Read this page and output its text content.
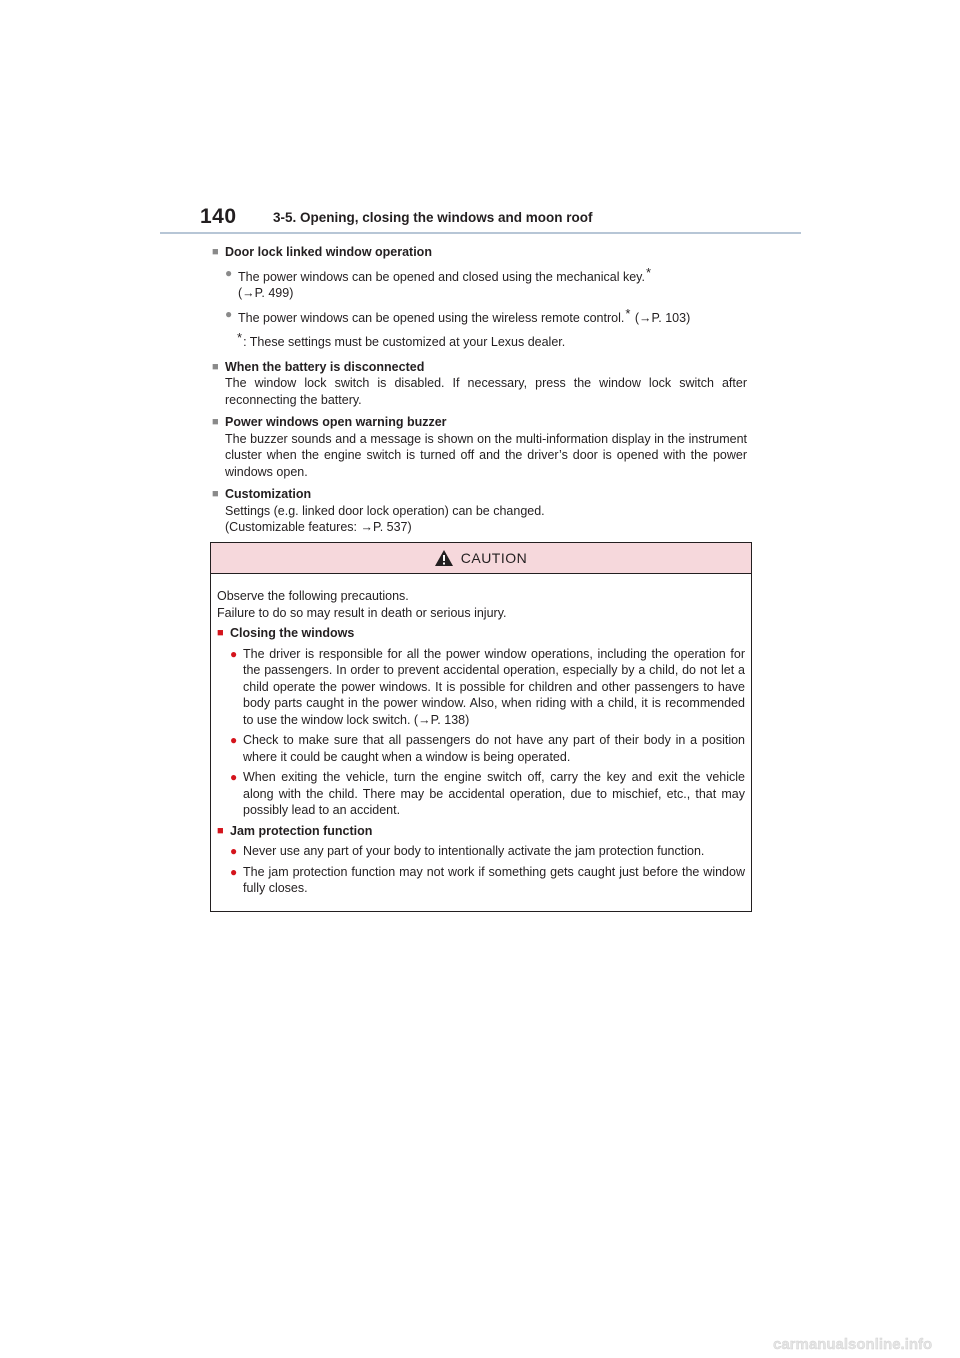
140	3-5. Opening, closing the windows and moon roof
■ Door lock linked window operation
● The power windows can be opened and closed using the mechanical key.*
(→P. 499)
● The power windows can be opened using the wireless remote control.* (→P. 103)
*: These settings must be customized at your Lexus dealer.
■ When the battery is disconnected
The window lock switch is disabled. If necessary, press the window lock switch after reconnecting the battery.
■ Power windows open warning buzzer
The buzzer sounds and a message is shown on the multi-information display in the instrument cluster when the engine switch is turned off and the driver’s door is opened with the power windows open.
■ Customization
Settings (e.g. linked door lock operation) can be changed.
(Customizable features: →P. 537)
CAUTION
Observe the following precautions.
Failure to do so may result in death or serious injury.
■ Closing the windows
● The driver is responsible for all the power window operations, including the operation for the passengers. In order to prevent accidental operation, especially by a child, do not let a child operate the power windows. It is possible for children and other passengers to have body parts caught in the power window. Also, when riding with a child, it is recommended to use the window lock switch. (→P. 138)
● Check to make sure that all passengers do not have any part of their body in a position where it could be caught when a window is being operated.
● When exiting the vehicle, turn the engine switch off, carry the key and exit the vehicle along with the child. There may be accidental operation, due to mischief, etc., that may possibly lead to an accident.
■ Jam protection function
● Never use any part of your body to intentionally activate the jam protection function.
● The jam protection function may not work if something gets caught just before the window fully closes.
carmanualsonline.info
